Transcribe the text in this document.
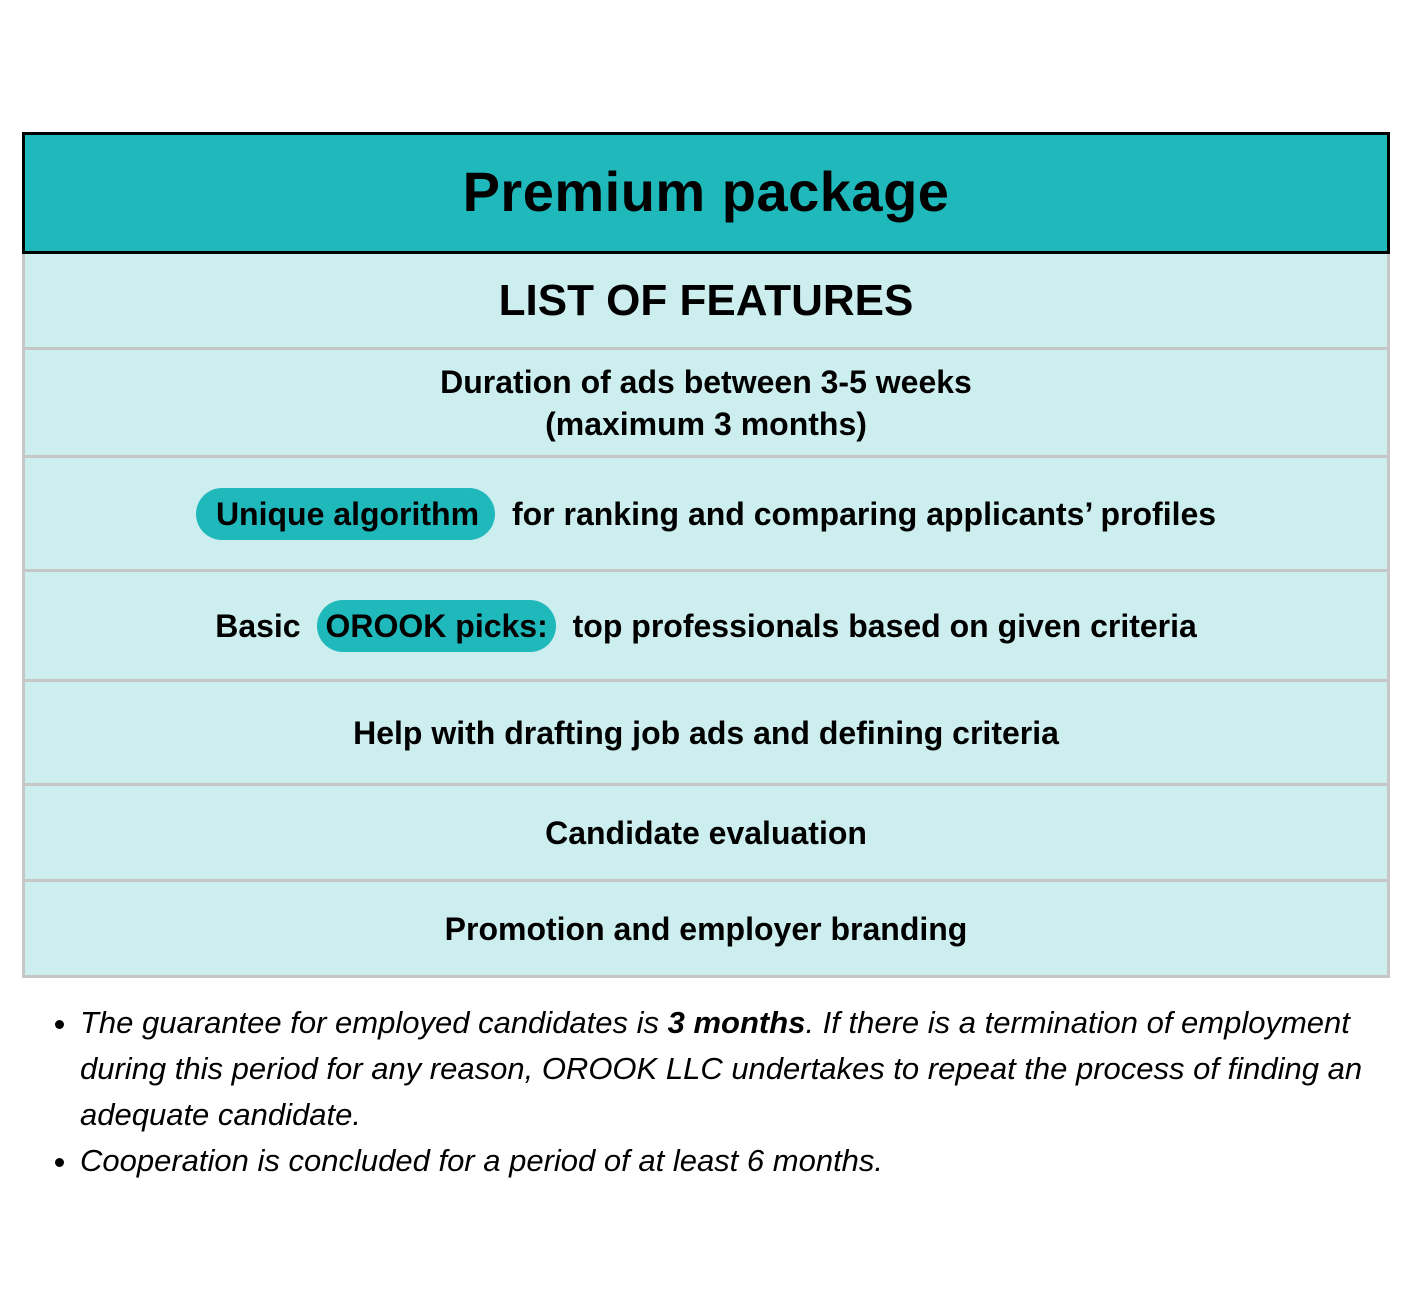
Premium package
LIST OF FEATURES
Duration of ads between 3-5 weeks
(maximum 3 months)
Unique algorithm for ranking and comparing applicants’ profiles
Basic OROOK picks: top professionals based on given criteria
Help with drafting job ads and defining criteria
Candidate evaluation
Promotion and employer branding
• The guarantee for employed candidates is 3 months. If there is a termination of employment during this period for any reason, OROOK LLC undertakes to repeat the process of finding an adequate candidate.
• Cooperation is concluded for a period of at least 6 months.
